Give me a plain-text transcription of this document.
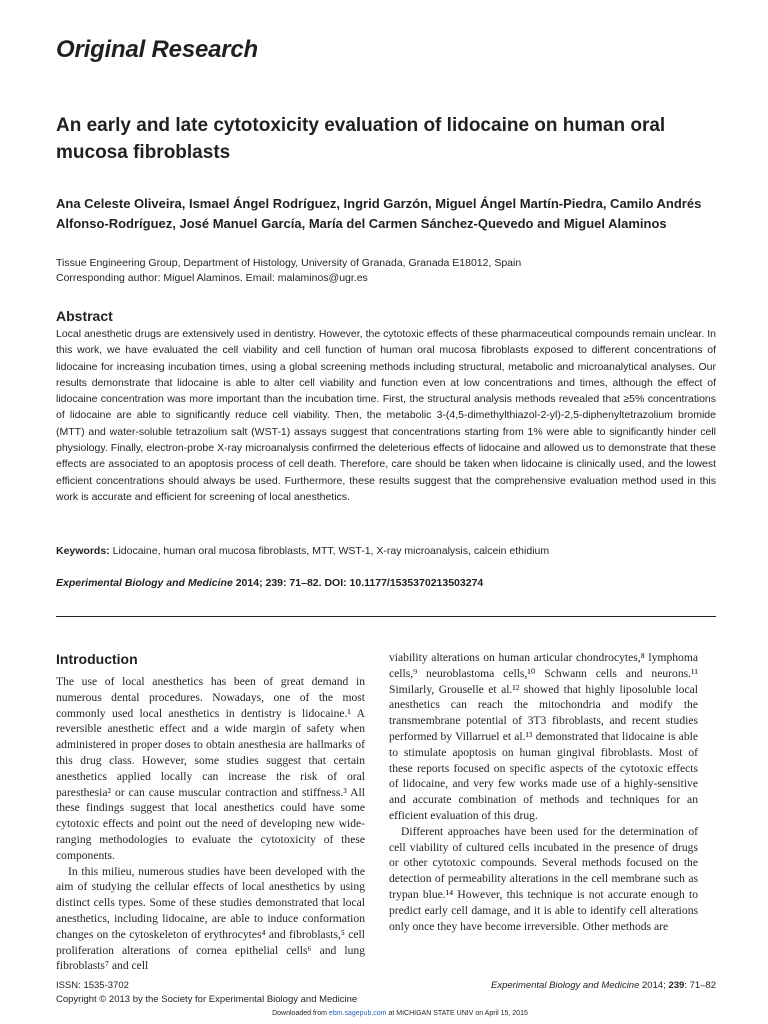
Original Research
An early and late cytotoxicity evaluation of lidocaine on human oral mucosa fibroblasts
Ana Celeste Oliveira, Ismael Ángel Rodríguez, Ingrid Garzón, Miguel Ángel Martín-Piedra, Camilo Andrés Alfonso-Rodríguez, José Manuel García, María del Carmen Sánchez-Quevedo and Miguel Alaminos
Tissue Engineering Group, Department of Histology, University of Granada, Granada E18012, Spain
Corresponding author: Miguel Alaminos. Email: malaminos@ugr.es
Abstract

Local anesthetic drugs are extensively used in dentistry. However, the cytotoxic effects of these pharmaceutical compounds remain unclear. In this work, we have evaluated the cell viability and cell function of human oral mucosa fibroblasts exposed to different concentrations of lidocaine for increasing incubation times, using a global screening methods including structural, metabolic and microanalytical analyses. Our results demonstrate that lidocaine is able to alter cell viability and function even at low concentrations and times, although the effect of lidocaine concentration was more important than the incubation time. First, the structural analysis methods revealed that ≥5% concentrations of lidocaine are able to significantly reduce cell viability. Then, the metabolic 3-(4,5-dimethylthiazol-2-yl)-2,5-diphenyltetrazolium bromide (MTT) and water-soluble tetrazolium salt (WST-1) assays suggest that concentrations starting from 1% were able to significantly hinder cell physiology. Finally, electron-probe X-ray microanalysis confirmed the deleterious effects of lidocaine and allowed us to demonstrate that these effects are associated to an apoptosis process of cell death. Therefore, care should be taken when lidocaine is clinically used, and the lowest efficient concentrations should always be used. Furthermore, these results suggest that the comprehensive evaluation method used in this work is accurate and efficient for screening of local anesthetics.

Keywords: Lidocaine, human oral mucosa fibroblasts, MTT, WST-1, X-ray microanalysis, calcein ethidium
Experimental Biology and Medicine 2014; 239: 71–82. DOI: 10.1177/1535370213503274
Introduction

The use of local anesthetics has been of great demand in numerous dental procedures. Nowadays, one of the most commonly used local anesthetics in dentistry is lidocaine.¹ A reversible anesthetic effect and a wide margin of safety when administered in proper doses to obtain anesthesia are hallmarks of this drug class. However, some studies suggest that certain anesthetics applied locally can increase the risk of oral paresthesia² or can cause muscular contraction and stiffness.³ All these findings suggest that local anesthetics could have some cytotoxic effects and point out the need of developing new wide-ranging methodologies to evaluate the cytotoxicity of these components.

In this milieu, numerous studies have been developed with the aim of studying the cellular effects of local anesthetics by using distinct cells types. Some of these studies demonstrated that local anesthetics, including lidocaine, are able to induce conformation changes on the cytoskeleton of erythrocytes⁴ and fibroblasts,⁵ cell proliferation alterations of cornea epithelial cells⁶ and lung fibroblasts⁷ and cell

viability alterations on human articular chondrocytes,⁸ lymphoma cells,⁹ neuroblastoma cells,¹⁰ Schwann cells and neurons.¹¹ Similarly, Grouselle et al.¹² showed that highly liposoluble local anesthetics can reach the mitochondria and modify the transmembrane potential of 3T3 fibroblasts, and recent studies performed by Villarruel et al.¹³ demonstrated that lidocaine is able to stimulate apoptosis on human gingival fibroblasts. Most of these reports focused on specific aspects of the cytotoxic effects of lidocaine, and very few works made use of a highly-sensitive and accurate combination of methods and techniques for an efficient evaluation of this drug.

Different approaches have been used for the determination of cell viability of cultured cells incubated in the presence of drugs or other cytotoxic compounds. Several methods focused on the detection of permeability alterations in the cell membrane such as trypan blue.¹⁴ However, this technique is not accurate enough to predict early cell damage, and it is able to identify cell alterations only once they have become irreversible. Other methods are

ISSN: 1535-3702
Copyright © 2013 by the Society for Experimental Biology and Medicine
Experimental Biology and Medicine 2014; 239: 71–82
Downloaded from ebm.sagepub.com at MICHIGAN STATE UNIV on April 15, 2015
